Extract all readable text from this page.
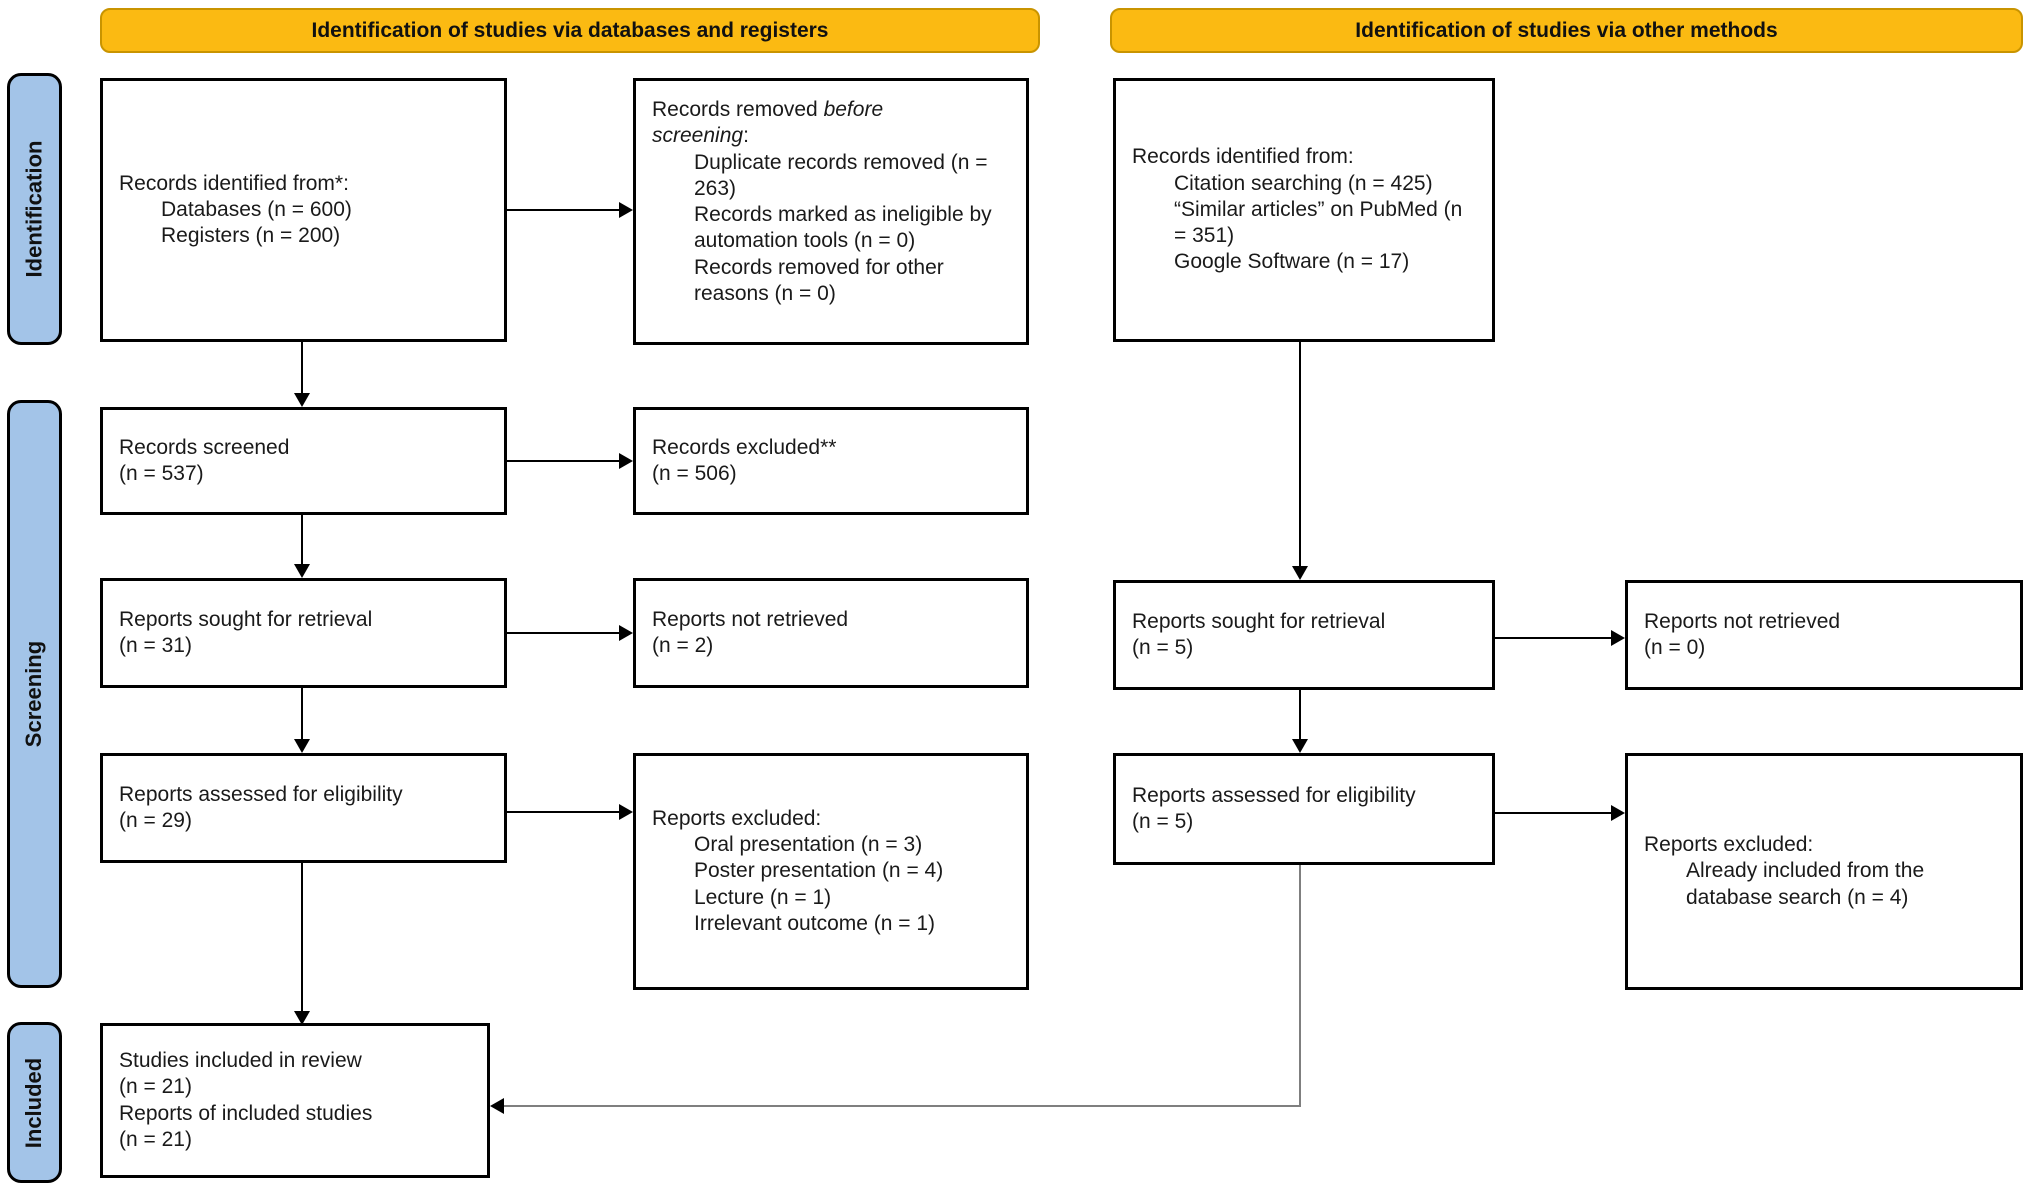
Identification of studies via databases and registers	Identification of studies via other methods
Identification
Screening
Included
Records identified from*:
Databases (n = 600)
Registers (n = 200)
Records removed before screening:
Duplicate records removed (n = 263)
Records marked as ineligible by automation tools (n = 0)
Records removed for other reasons (n = 0)
Records identified from:
Citation searching (n = 425)
“Similar articles” on PubMed (n = 351)
Google Software (n = 17)
Records screened
(n = 537)
Records excluded**
(n = 506)
Reports sought for retrieval
(n = 31)
Reports not retrieved
(n = 2)
Reports sought for retrieval
(n = 5)
Reports not retrieved
(n = 0)
Reports assessed for eligibility
(n = 29)	Reports excluded:
Oral presentation (n = 3)
Poster presentation (n = 4)
Lecture (n = 1)
Irrelevant outcome (n = 1)
Reports assessed for eligibility
(n = 5)
Reports excluded:
Already included from the database search (n = 4)
Studies included in review
(n = 21)
Reports of included studies
(n = 21)
